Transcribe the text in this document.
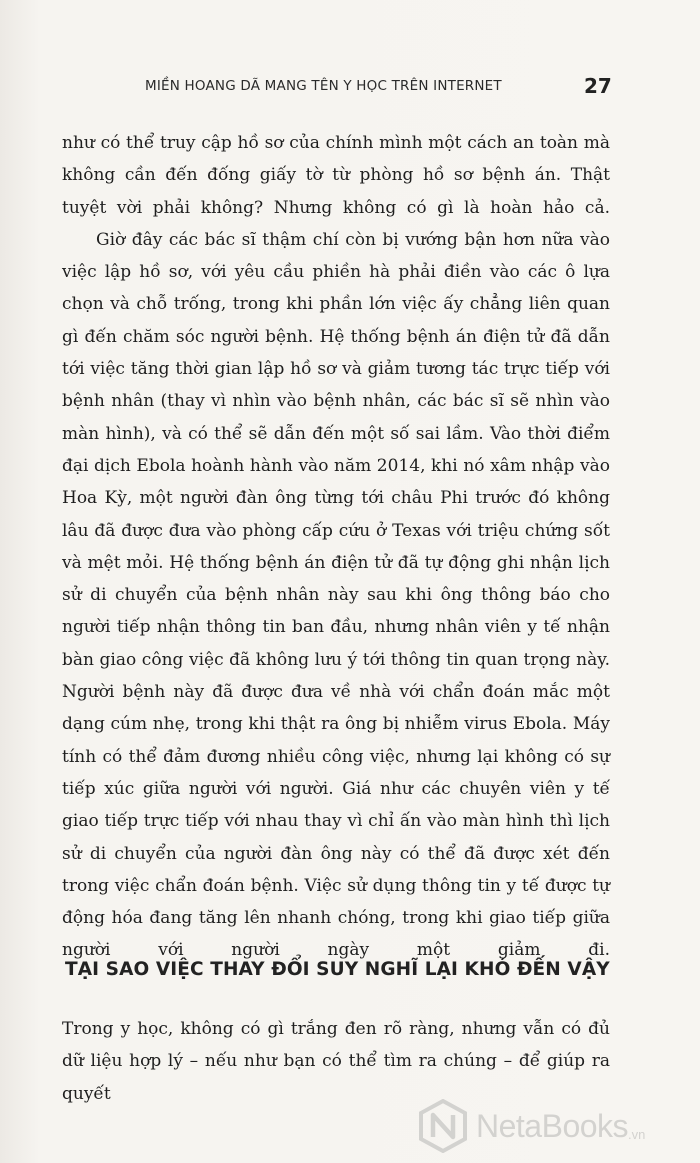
MIỀN HOANG DÃ MANG TÊN Y HỌC TRÊN INTERNET	27

như có thể truy cập hồ sơ của chính mình một cách an toàn mà không cần đến đống giấy tờ từ phòng hồ sơ bệnh án. Thật tuyệt vời phải không? Nhưng không có gì là hoàn hảo cả.

Giờ đây các bác sĩ thậm chí còn bị vướng bận hơn nữa vào việc lập hồ sơ, với yêu cầu phiền hà phải điền vào các ô lựa chọn và chỗ trống, trong khi phần lớn việc ấy chẳng liên quan gì đến chăm sóc người bệnh. Hệ thống bệnh án điện tử đã dẫn tới việc tăng thời gian lập hồ sơ và giảm tương tác trực tiếp với bệnh nhân (thay vì nhìn vào bệnh nhân, các bác sĩ sẽ nhìn vào màn hình), và có thể sẽ dẫn đến một số sai lầm. Vào thời điểm đại dịch Ebola hoành hành vào năm 2014, khi nó xâm nhập vào Hoa Kỳ, một người đàn ông từng tới châu Phi trước đó không lâu đã được đưa vào phòng cấp cứu ở Texas với triệu chứng sốt và mệt mỏi. Hệ thống bệnh án điện tử đã tự động ghi nhận lịch sử di chuyển của bệnh nhân này sau khi ông thông báo cho người tiếp nhận thông tin ban đầu, nhưng nhân viên y tế nhận bàn giao công việc đã không lưu ý tới thông tin quan trọng này. Người bệnh này đã được đưa về nhà với chẩn đoán mắc một dạng cúm nhẹ, trong khi thật ra ông bị nhiễm virus Ebola. Máy tính có thể đảm đương nhiều công việc, nhưng lại không có sự tiếp xúc giữa người với người. Giá như các chuyên viên y tế giao tiếp trực tiếp với nhau thay vì chỉ ấn vào màn hình thì lịch sử di chuyển của người đàn ông này có thể đã được xét đến trong việc chẩn đoán bệnh. Việc sử dụng thông tin y tế được tự động hóa đang tăng lên nhanh chóng, trong khi giao tiếp giữa người với người ngày một giảm đi.

TẠI SAO VIỆC THAY ĐỔI SUY NGHĨ LẠI KHÓ ĐẾN VẬY

Trong y học, không có gì trắng đen rõ ràng, nhưng vẫn có đủ dữ liệu hợp lý – nếu như bạn có thể tìm ra chúng – để giúp ra quyết

NetaBooks .vn
